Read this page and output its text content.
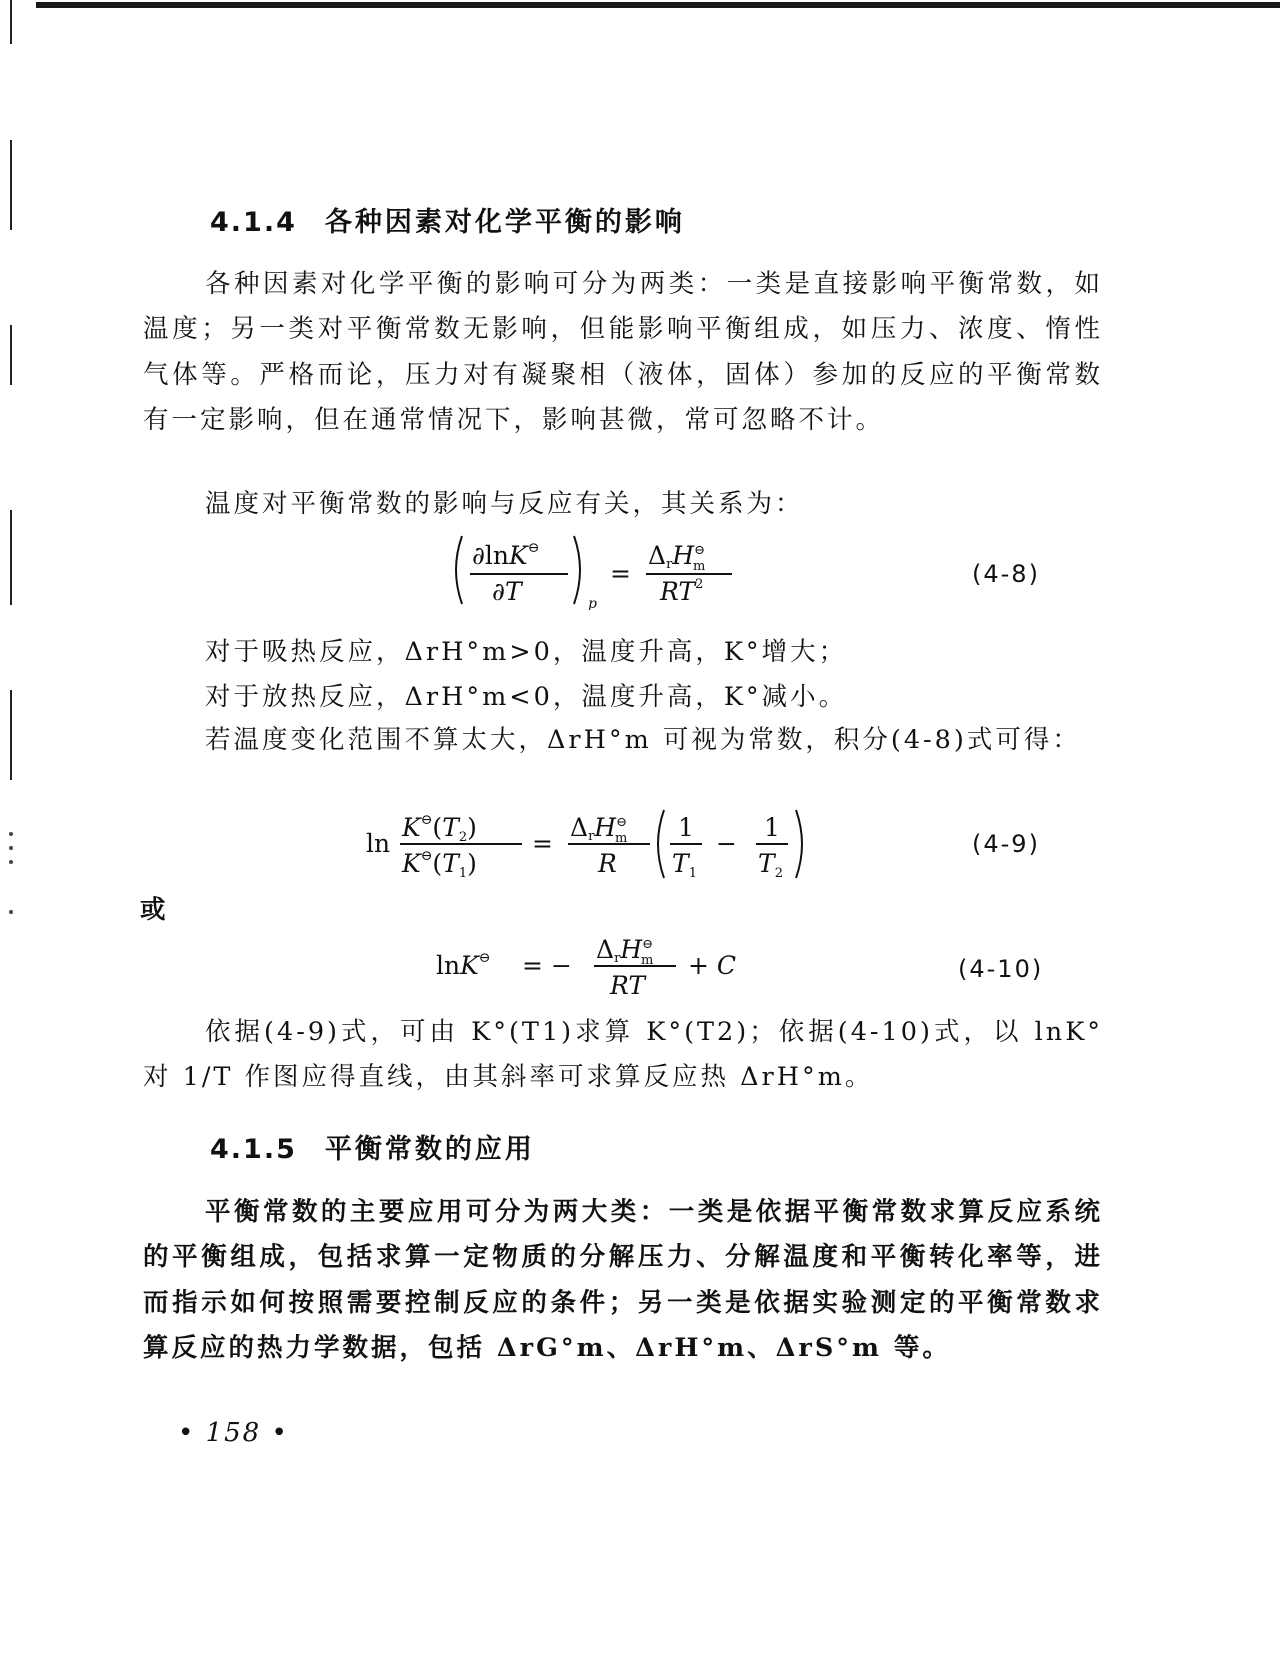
4.1.4 各种因素对化学平衡的影响
各种因素对化学平衡的影响可分为两类：一类是直接影响平衡常数，如温度；另一类对平衡常数无影响，但能影响平衡组成，如压力、浓度、惰性气体等。严格而论，压力对有凝聚相（液体，固体）参加的反应的平衡常数有一定影响，但在通常情况下，影响甚微，常可忽略不计。
温度对平衡常数的影响与反应有关，其关系为：
∂lnK⊖
∂T	p
=
ΔrH⊖ m
$RT^2$	(4-8)
对于吸热反应，ΔrH°m>0，温度升高，K°增大；
对于放热反应，ΔrH°m<0，温度升高，K°减小。
若温度变化范围不算太大，ΔrH°m 可视为常数，积分(4-8)式可得：
ln
$K^⊖(T_2)$
$K^⊖(T_1)$
=
ΔrH⊖ m
R
1
$T_1$
−
1
$T_2$
(4-9)
或
lnK⊖ = −
ΔrH⊖ m
RT
+ C	(4-10)
依据(4-9)式，可由 K°(T1)求算 K°(T2)；依据(4-10)式，以 lnK°对 1/T 作图应得直线，由其斜率可求算反应热 ΔrH°m。
4.1.5 平衡常数的应用
平衡常数的主要应用可分为两大类：一类是依据平衡常数求算反应系统的平衡组成，包括求算一定物质的分解压力、分解温度和平衡转化率等，进而指示如何按照需要控制反应的条件；另一类是依据实验测定的平衡常数求算反应的热力学数据，包括 ΔrG°m、ΔrH°m、ΔrS°m 等。
• 158 •
